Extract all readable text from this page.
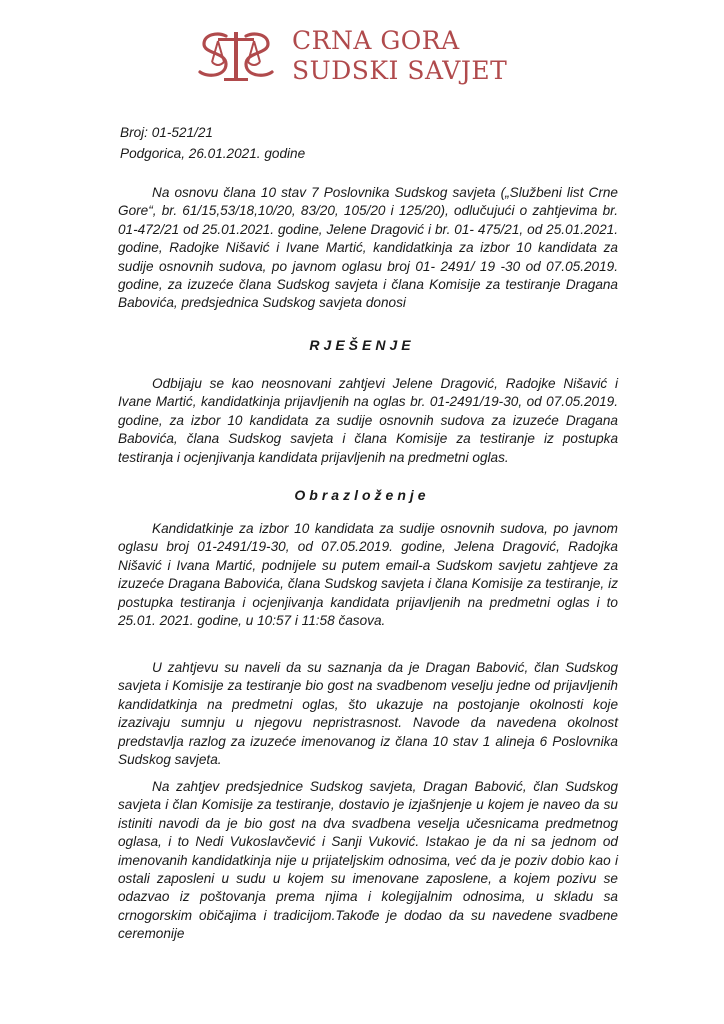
CRNA GORA
SUDSKI SAVJET
Broj: 01-521/21
Podgorica, 26.01.2021. godine
Na osnovu člana 10 stav 7 Poslovnika Sudskog savjeta („Službeni list Crne Gore“, br. 61/15,53/18,10/20, 83/20, 105/20 i 125/20), odlučujući o zahtjevima br. 01-472/21 od 25.01.2021. godine, Jelene Dragović i br. 01- 475/21, od 25.01.2021. godine, Radojke Nišavić i Ivane Martić, kandidatkinja za izbor 10 kandidata za sudije osnovnih sudova, po javnom oglasu broj 01- 2491/ 19 -30 od 07.05.2019. godine, za izuzeće člana Sudskog savjeta i člana Komisije za testiranje Dragana Babovića, predsjednica Sudskog savjeta donosi
RJEŠENJE
Odbijaju se kao neosnovani zahtjevi Jelene Dragović, Radojke Nišavić i Ivane Martić, kandidatkinja prijavljenih na oglas br. 01-2491/19-30, od 07.05.2019. godine, za izbor 10 kandidata za sudije osnovnih sudova za izuzeće Dragana Babovića, člana Sudskog savjeta i člana Komisije za testiranje iz postupka testiranja i ocjenjivanja kandidata prijavljenih na predmetni oglas.
Obrazloženje
Kandidatkinje za izbor 10 kandidata za sudije osnovnih sudova, po javnom oglasu broj 01-2491/19-30, od 07.05.2019. godine, Jelena Dragović, Radojka Nišavić i Ivana Martić, podnijele su putem email-a Sudskom savjetu zahtjeve za izuzeće Dragana Babovića, člana Sudskog savjeta i člana Komisije za testiranje, iz postupka testiranja i ocjenjivanja kandidata prijavljenih na predmetni oglas i to 25.01. 2021. godine, u 10:57 i 11:58 časova.
U zahtjevu su naveli da su saznanja da je Dragan Babović, član Sudskog savjeta i Komisije za testiranje bio gost na svadbenom veselju jedne od prijavljenih kandidatkinja na predmetni oglas, što ukazuje na postojanje okolnosti koje izazivaju sumnju u njegovu nepristrasnost. Navode da navedena okolnost predstavlja razlog za izuzeće imenovanog iz člana 10 stav 1 alineja 6 Poslovnika Sudskog savjeta.
Na zahtjev predsjednice Sudskog savjeta, Dragan Babović, član Sudskog savjeta i član Komisije za testiranje, dostavio je izjašnjenje u kojem je naveo da su istiniti navodi da je bio gost na dva svadbena veselja učesnicama predmetnog oglasa, i to Nedi Vukoslavčević i Sanji Vuković. Istakao je da ni sa jednom od imenovanih kandidatkinja nije u prijateljskim odnosima, već da je poziv dobio kao i ostali zaposleni u sudu u kojem su imenovane zaposlene, a kojem pozivu se odazvao iz poštovanja prema njima i kolegijalnim odnosima, u skladu sa crnogorskim običajima i tradicijom.Takođe je dodao da su navedene svadbene ceremonije
